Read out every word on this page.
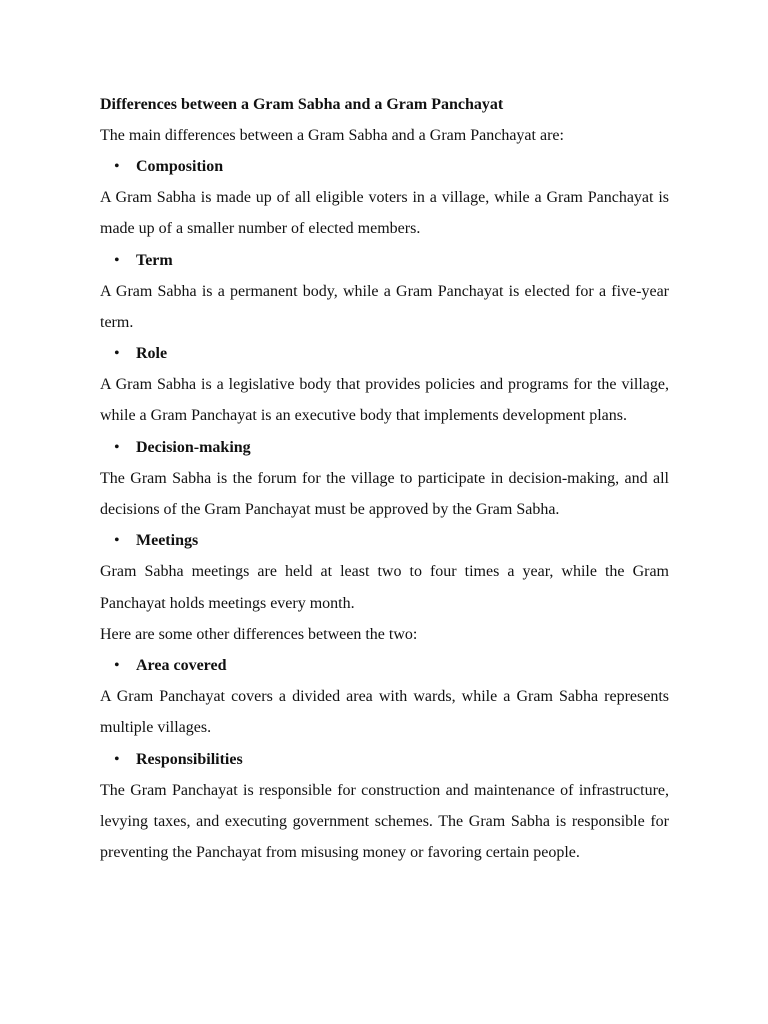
Differences between a Gram Sabha and a Gram Panchayat

The main differences between a Gram Sabha and a Gram Panchayat are:

• Composition

A Gram Sabha is made up of all eligible voters in a village, while a Gram Panchayat is made up of a smaller number of elected members.

• Term

A Gram Sabha is a permanent body, while a Gram Panchayat is elected for a five-year term.

• Role

A Gram Sabha is a legislative body that provides policies and programs for the village, while a Gram Panchayat is an executive body that implements development plans.

• Decision-making

The Gram Sabha is the forum for the village to participate in decision-making, and all decisions of the Gram Panchayat must be approved by the Gram Sabha.

• Meetings

Gram Sabha meetings are held at least two to four times a year, while the Gram Panchayat holds meetings every month.

Here are some other differences between the two:

• Area covered

A Gram Panchayat covers a divided area with wards, while a Gram Sabha represents multiple villages.

• Responsibilities

The Gram Panchayat is responsible for construction and maintenance of infrastructure, levying taxes, and executing government schemes. The Gram Sabha is responsible for preventing the Panchayat from misusing money or favoring certain people.
